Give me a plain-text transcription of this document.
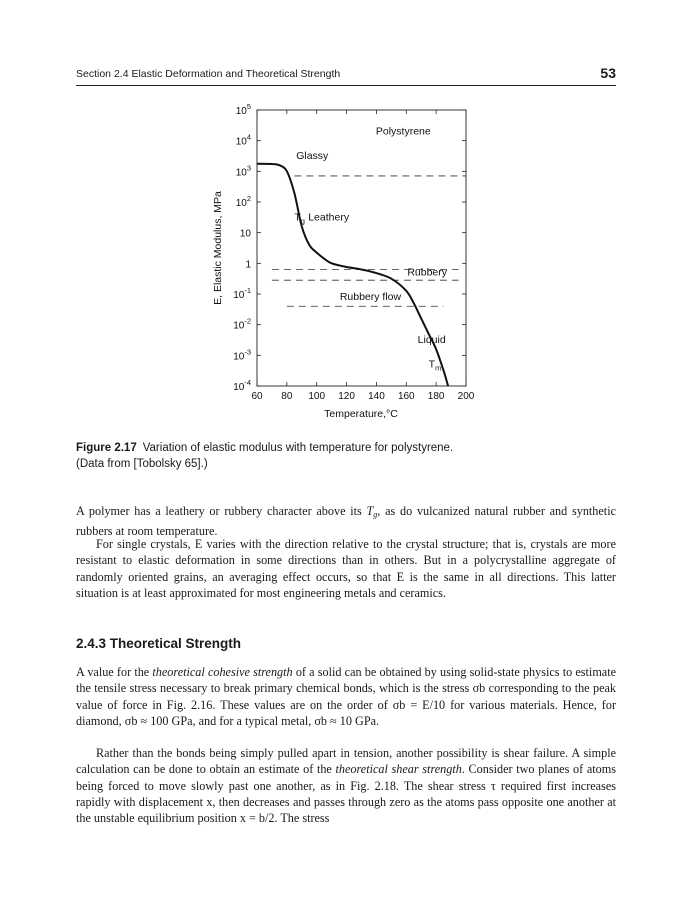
Section 2.4 Elastic Deformation and Theoretical Strength	53
60 80 100 120 140 160 180 200
$10^5$
$10^4$
$10^3$
$10^2$
10
1
$10^{-1}$
$10^{-2}$
$10^{-3}$
$10^{-4}$
Polystyrene
Glassy
Leathery
Rubbery
Rubbery flow
Liquid
$T_g$
$T_m$
Temperature,°C
E, Elastic Modulus, MPa
Figure 2.17 Variation of elastic modulus with temperature for polystyrene.
(Data from [Tobolsky 65].)

A polymer has a leathery or rubbery character above its $T_g$, as do vulcanized natural rubber and synthetic rubbers at room temperature.

For single crystals, E varies with the direction relative to the crystal structure; that is, crystals are more resistant to elastic deformation in some directions than in others. But in a polycrystalline aggregate of randomly oriented grains, an averaging effect occurs, so that E is the same in all directions. This latter situation is at least approximated for most engineering metals and ceramics.

2.4.3 Theoretical Strength

A value for the theoretical cohesive strength of a solid can be obtained by using solid-state physics to estimate the tensile stress necessary to break primary chemical bonds, which is the stress σb corresponding to the peak value of force in Fig. 2.16. These values are on the order of σb = E/10 for various materials. Hence, for diamond, σb ≈ 100 GPa, and for a typical metal, σb ≈ 10 GPa.

Rather than the bonds being simply pulled apart in tension, another possibility is shear failure. A simple calculation can be done to obtain an estimate of the theoretical shear strength. Consider two planes of atoms being forced to move slowly past one another, as in Fig. 2.18. The shear stress τ required first increases rapidly with displacement x, then decreases and passes through zero as the atoms pass opposite one another at the unstable equilibrium position x = b/2. The stress
